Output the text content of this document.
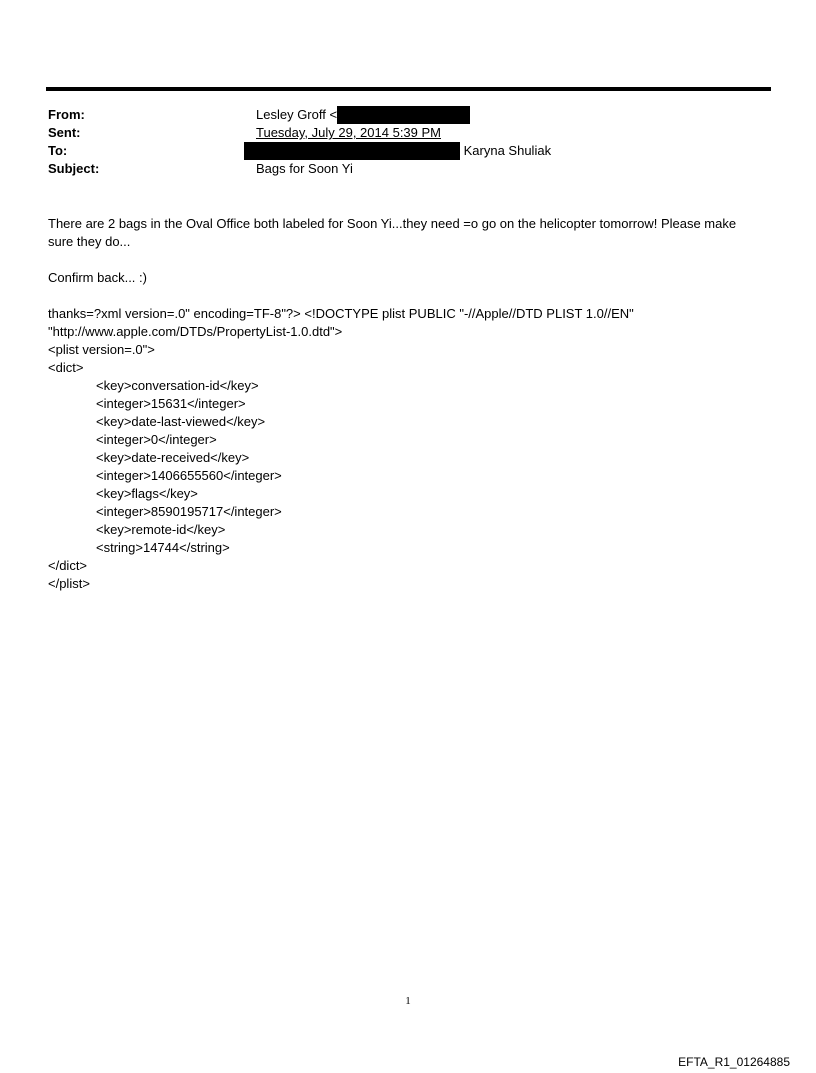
From:	Lesley Groff <
Sent:	Tuesday, July 29, 2014 5:39 PM
To:	Karyna Shuliak
Subject:	Bags for Soon Yi

There are 2 bags in the Oval Office both labeled for Soon Yi...they need =o go on the helicopter tomorrow! Please make

sure they do...

Confirm back... :)

thanks=?xml version=.0" encoding=TF-8"?> <!DOCTYPE plist PUBLIC "-//Apple//DTD PLIST 1.0//EN"
"http://www.apple.com/DTDs/PropertyList-1.0.dtd">
<plist version=.0">
<dict>
<key>conversation-id</key>
<integer>15631</integer>
<key>date-last-viewed</key>
<integer>0</integer>
<key>date-received</key>
<integer>1406655560</integer>
<key>flags</key>
<integer>8590195717</integer>
<key>remote-id</key>
<string>14744</string>
</dict>
</plist>
1
EFTA_R1_01264885
